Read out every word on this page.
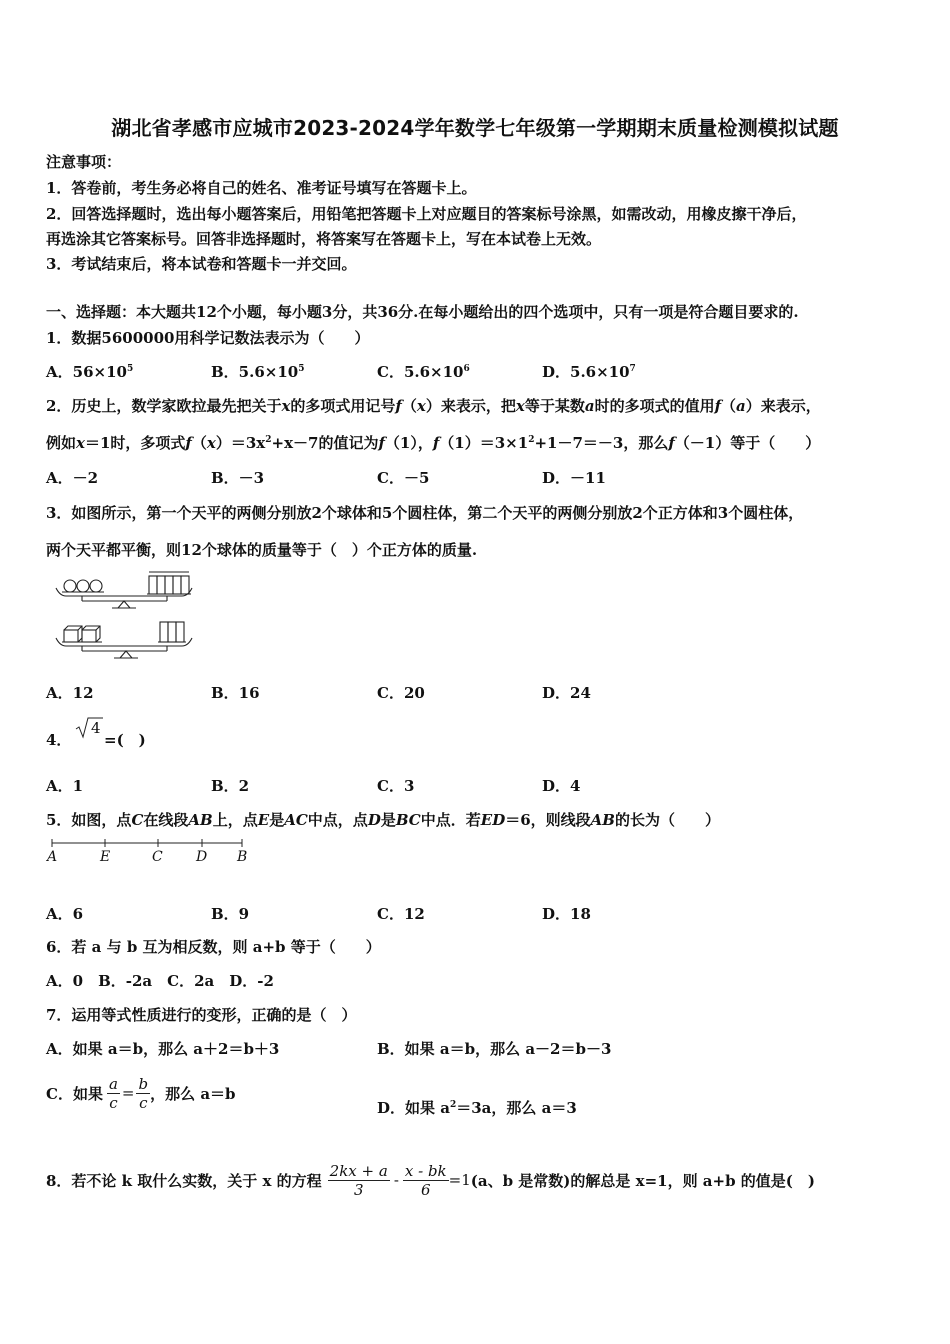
湖北省孝感市应城市2023-2024学年数学七年级第一学期期末质量检测模拟试题
注意事项：
1．答卷前，考生务必将自己的姓名、准考证号填写在答题卡上。
2．回答选择题时，选出每小题答案后，用铅笔把答题卡上对应题目的答案标号涂黑，如需改动，用橡皮擦干净后，
再选涂其它答案标号。回答非选择题时，将答案写在答题卡上，写在本试卷上无效。
3．考试结束后，将本试卷和答题卡一并交回。
一、选择题：本大题共12个小题，每小题3分，共36分.在每小题给出的四个选项中，只有一项是符合题目要求的.
1．数据5600000用科学记数法表示为（　　）
A．$56\times 10^5$	B．$5.6\times 10^5$	C．$5.6\times 10^6$	D．$5.6\times 10^7$
2．历史上，数学家欧拉最先把关于x的多项式用记号f（x）来表示，把x等于某数a时的多项式的值用f（a）来表示，
例如x＝1时，多项式$f(x)=3x^2+x-7$的值记为f（1），$f(1)=3\times 1^2+1-7=-3$，那么f（－1）等于（　　）
A．－2	B．－3	C．－5	D．－11
3．如图所示，第一个天平的两侧分别放2个球体和5个圆柱体，第二个天平的两侧分别放2个正方体和3个圆柱体，
两个天平都平衡，则12个球体的质量等于（　）个正方体的质量.
A．12	B．16	C．20	D．24
4．
4
=(　)
A．1	B．2	C．3	D．4
5．如图，点C在线段AB上，点E是AC中点，点D是BC中点．若ED＝6，则线段AB的长为（　　）
A	E	C D B
A．6	B．9	C．12	D．18
6．若 a 与 b 互为相反数，则 a+b 等于（　　）
A．0　B．-2a　C．2a　D．-2
7．运用等式性质进行的变形，正确的是（　）
A．如果 a＝b，那么 a＋2＝b＋3	B．如果 a＝b，那么 a－2＝b－3
C．如果 $\frac{a}{c} = \frac{b}{c}$ ，那么 a＝b
D．如果 $a^2=3a$，那么 a＝3
8．若不论 k 取什么实数，关于 x 的方程 $\frac{2kx + a}{3} - \frac{x - bk}{6} =1$ (a、b 是常数)的解总是 x=1，则 a+b 的值是(　)
